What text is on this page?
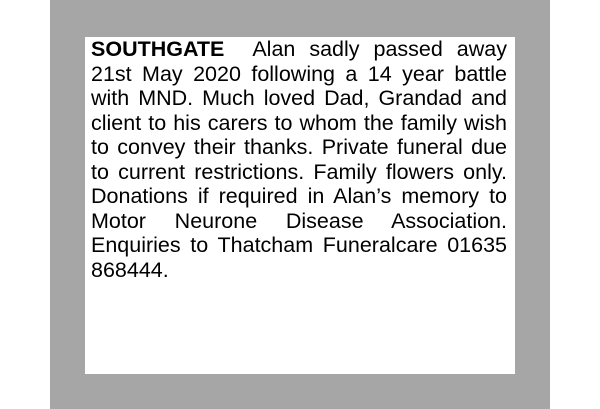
SOUTHGATE Alan sadly passed away 21st May 2020 following a 14 year battle with MND. Much loved Dad, Grandad and client to his carers to whom the family wish to convey their thanks. Private funeral due to current restrictions. Family flowers only. Donations if required in Alan’s memory to Motor Neurone Disease Association. Enquiries to Thatcham Funeralcare 01635 868444.
